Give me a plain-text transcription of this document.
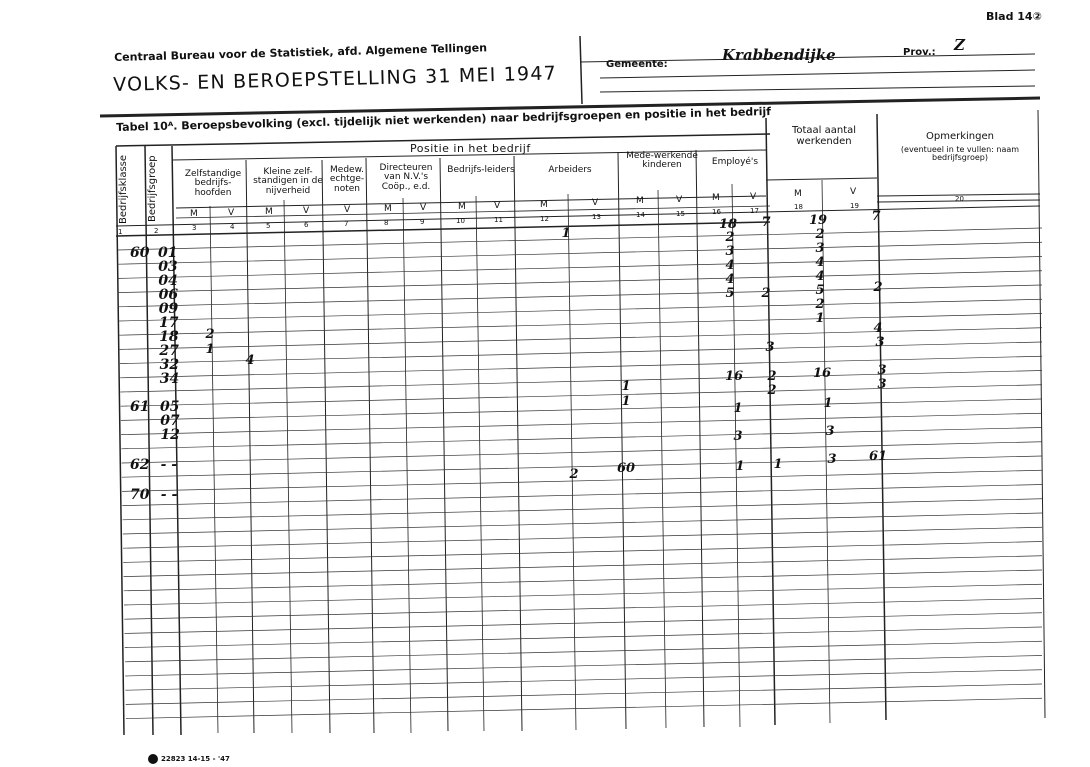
Blad 14②
Centraal Bureau voor de Statistiek, afd. Algemene Tellingen
VOLKS- EN BEROEPSTELLING 31 MEI 1947	Gemeente:
Krabbendijke	Prov.: Z
Tabel 10ᴬ. Beroepsbevolking (excl. tijdelijk niet werkenden) naar bedrijfsgroepen en positie in het bedrijf
Bedrijfsklasse Bedrijfsgroep
Positie in het bedrijf
Zelfstandige bedrijfs-hoofden
Kleine zelf-standigen in de nijverheid
Medew. echtge-noten
Directeuren van N.V.'s Coöp., e.d.
Bedrijfs-leiders	Arbeiders
Mede-werkende kinderen	Employé's
Totaal aantal werkenden	Opmerkingen
(eventueel in te vullen: naam bedrijfsgroep)
M	V	M	V	V	M	V	M	V	M	V	M	V	M	V	M	V
1	2	3	4	5	6	7	8	9	10	11	12	13	14	15	16	17	18	19
20
60 01
03
04
06
09
17
18
27
32
34
61 05
07
12
62 - -
70 - -
1
18	7	19	7
2	2
3	3
4	4
4	4
5	2	5	2
2
1
2	4
1
4
3	3
16	2	16	3
1	2	3
1	1	1
3	3
2	60	1	1	3	61
22823 14-15 - '47
